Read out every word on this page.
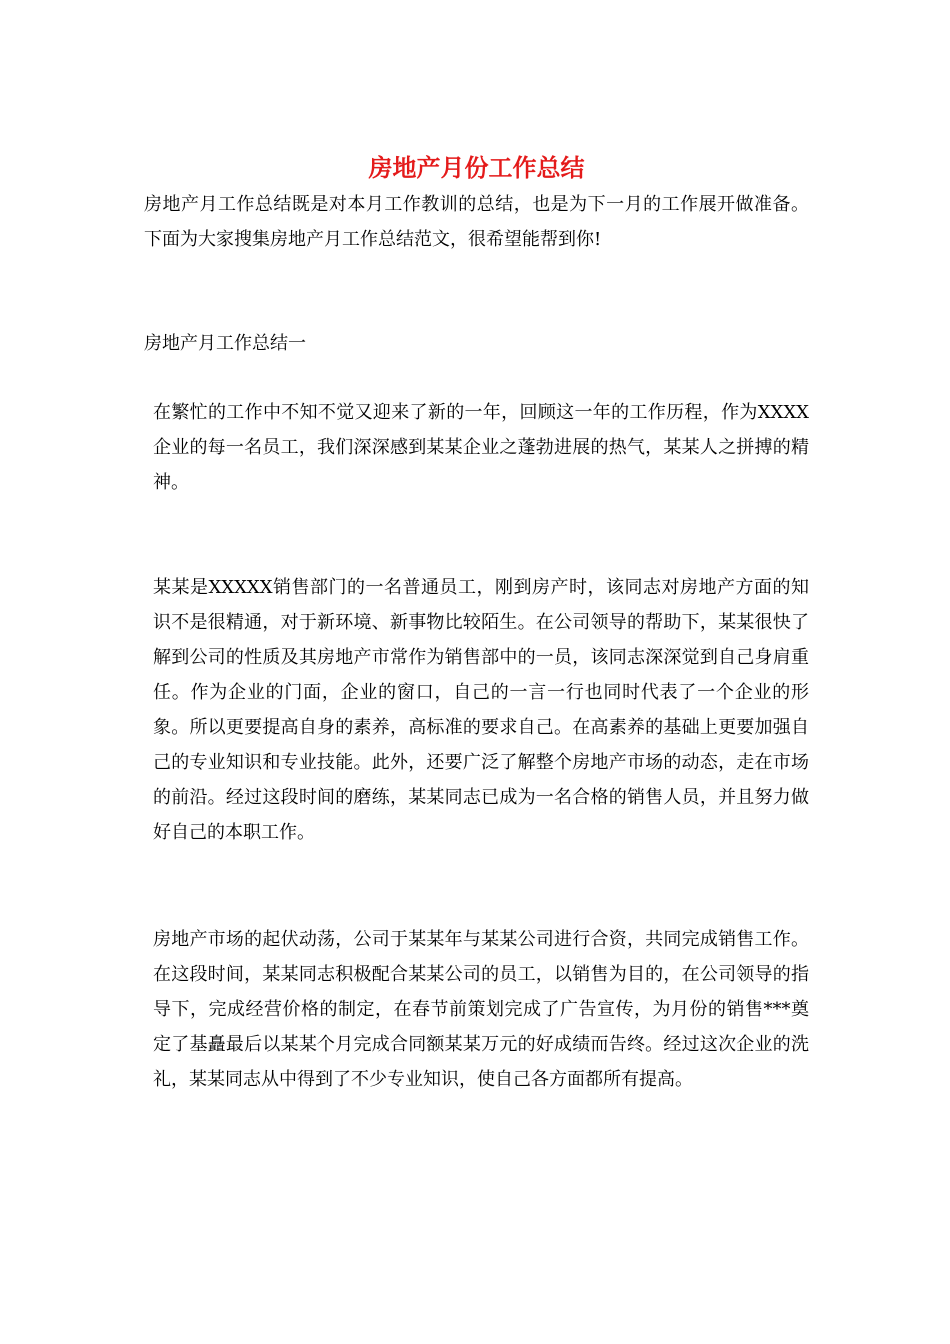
房地产月份工作总结

房地产月工作总结既是对本月工作教训的总结，也是为下一月的工作展开做准备。下面为大家搜集房地产月工作总结范文，很希望能帮到你!

房地产月工作总结一

在繁忙的工作中不知不觉又迎来了新的一年，回顾这一年的工作历程，作为XXXX企业的每一名员工，我们深深感到某某企业之蓬勃进展的热气，某某人之拼搏的精神。

某某是XXXXX销售部门的一名普通员工，刚到房产时，该同志对房地产方面的知识不是很精通，对于新环境、新事物比较陌生。在公司领导的帮助下，某某很快了解到公司的性质及其房地产市常作为销售部中的一员，该同志深深觉到自己身肩重任。作为企业的门面，企业的窗口，自己的一言一行也同时代表了一个企业的形象。所以更要提高自身的素养，高标准的要求自己。在高素养的基础上更要加强自己的专业知识和专业技能。此外，还要广泛了解整个房地产市场的动态，走在市场的前沿。经过这段时间的磨练，某某同志已成为一名合格的销售人员，并且努力做好自己的本职工作。

房地产市场的起伏动荡，公司于某某年与某某公司进行合资，共同完成销售工作。在这段时间，某某同志积极配合某某公司的员工，以销售为目的，在公司领导的指导下，完成经营价格的制定，在春节前策划完成了广告宣传，为月份的销售***奠定了基矗最后以某某个月完成合同额某某万元的好成绩而告终。经过这次企业的洗礼，某某同志从中得到了不少专业知识，使自己各方面都所有提高。
